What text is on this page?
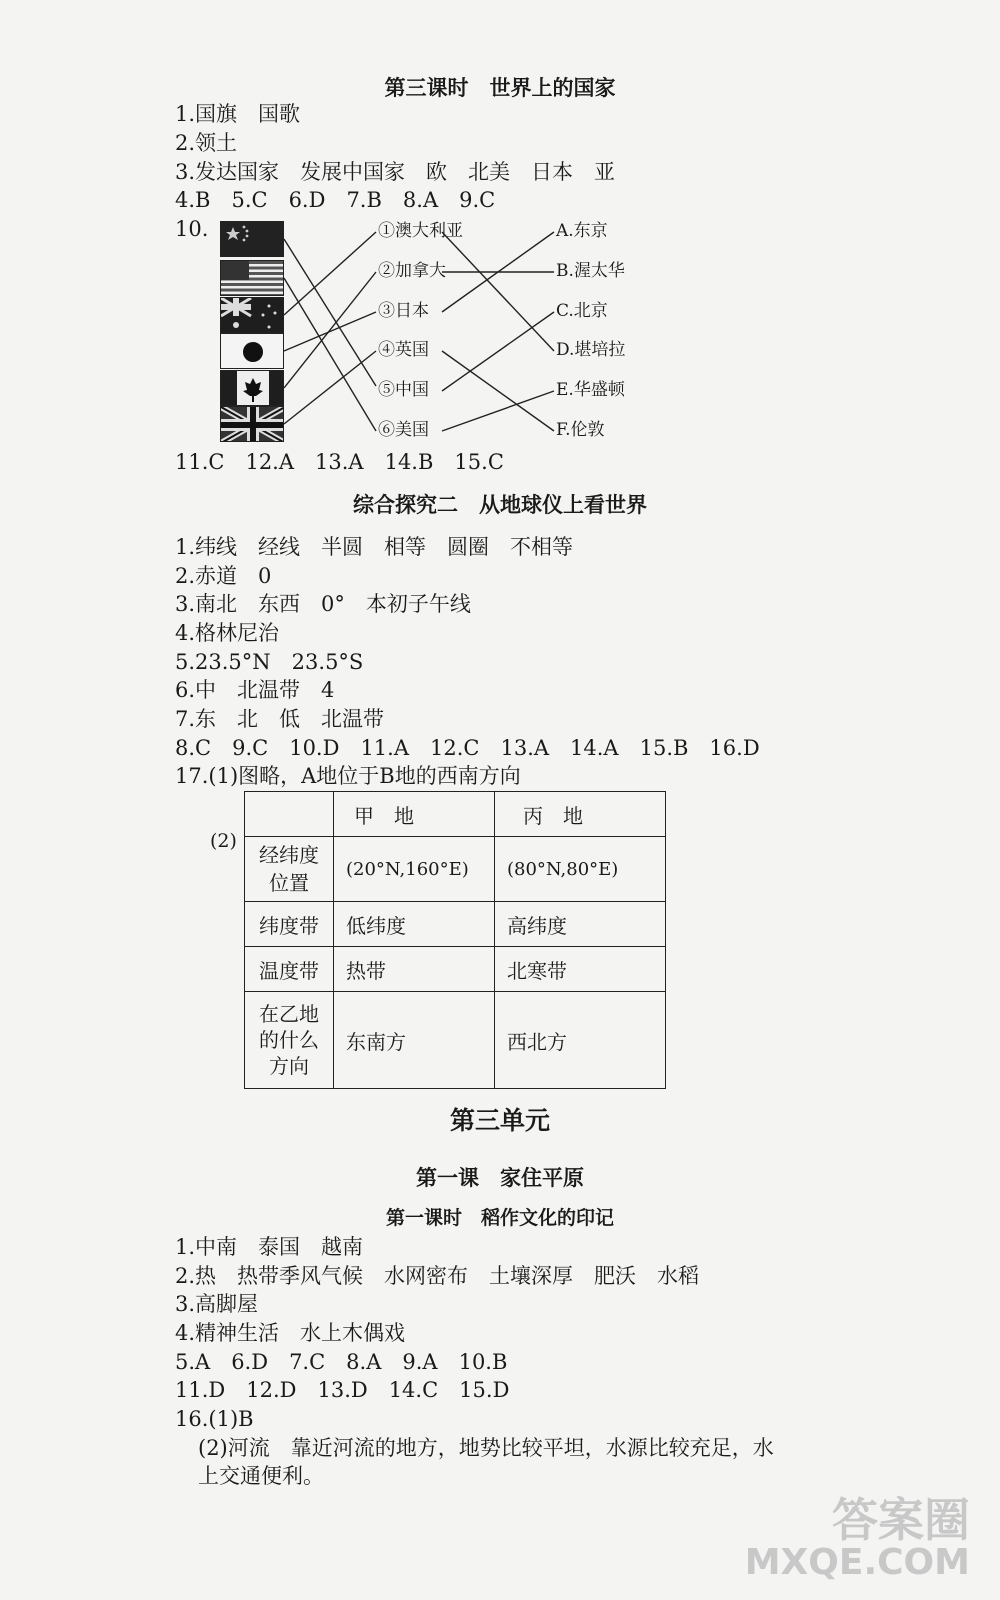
第三课时　世界上的国家
1.国旗　国歌
2.领土
3.发达国家　发展中国家　欧　北美　日本　亚
4.B　5.C　6.D　7.B　8.A　9.C
10.	①澳大利亚
②加拿大
③日本
④英国
⑤中国
⑥美国
A.东京
B.渥太华
C.北京
D.堪培拉
E.华盛顿
F.伦敦
11.C　12.A　13.A　14.B　15.C
综合探究二　从地球仪上看世界
1.纬线　经线　半圆　相等　圆圈　不相等
2.赤道　0
3.南北　东西　0°　本初子午线
4.格林尼治
5.23.5°N　23.5°S
6.中　北温带　4
7.东　北　低　北温带
8.C　9.C　10.D　11.A　12.C　13.A　14.A　15.B　16.D
17.(1)图略，A地位于B地的西南方向
(2)
	甲　地	丙　地
经纬度位置	(20°N,160°E)	(80°N,80°E)
纬度带	低纬度	高纬度
温度带	热带	北寒带
在乙地的什么方向	东南方	西北方
第三单元
第一课　家住平原
第一课时　稻作文化的印记
1.中南　泰国　越南
2.热　热带季风气候　水网密布　土壤深厚　肥沃　水稻
3.高脚屋
4.精神生活　水上木偶戏
5.A　6.D　7.C　8.A　9.A　10.B
11.D　12.D　13.D　14.C　15.D
16.(1)B
(2)河流　靠近河流的地方，地势比较平坦，水源比较充足，水
上交通便利。
答案圈
MXQE.COM
